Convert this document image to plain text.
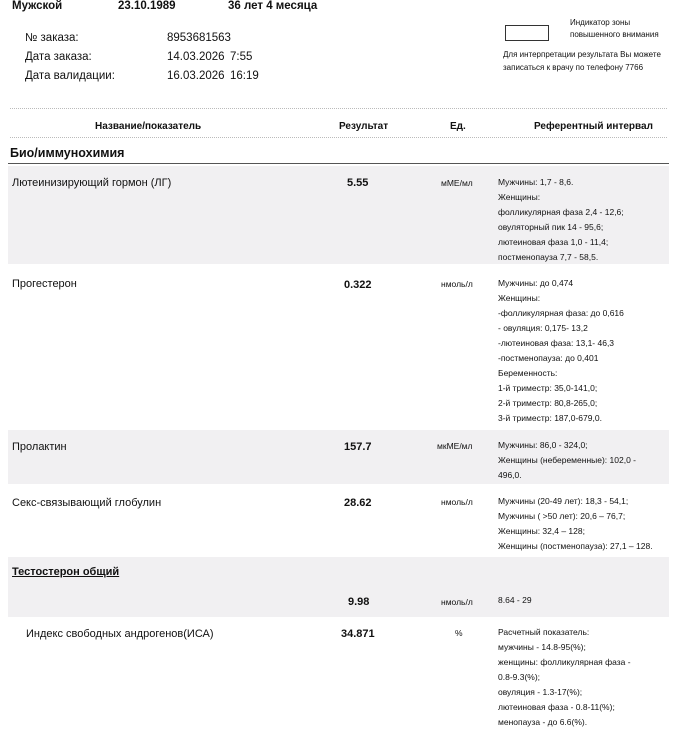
Мужской	23.10.1989	36 лет 4 месяца
№ заказа:	8953681563
Дата заказа:	14.03.2026 7:55
Дата валидации:	16.03.2026 16:19
Индикатор зоны
повышенного внимания
Для интерпретации результата Вы можете
записаться к врачу по телефону 7766
Название/показатель	Результат	Ед.	Референтный интервал
Био/иммунохимия
Лютеинизирующий гормон (ЛГ)	5.55	мМЕ/мл	Мужчины: 1,7 - 8,6.
Женщины:
фолликулярная фаза 2,4 - 12,6;
овуляторный пик 14 - 95,6;
лютеиновая фаза 1,0 - 11,4;
постменопауза 7,7 - 58,5.
Прогестерон	0.322	нмоль/л	Мужчины: до 0,474
Женщины:
-фолликулярная фаза: до 0,616
- овуляция: 0,175- 13,2
-лютеиновая фаза: 13,1- 46,3
-постменопауза: до 0,401
Беременность:
1-й триместр: 35,0-141,0;
2-й триместр: 80,8-265,0;
3-й триместр: 187,0-679,0.
Пролактин	157.7	мкМЕ/мл	Мужчины: 86,0 - 324,0;
Женщины (небеременные): 102,0 -
496,0.
Секс-связывающий глобулин	28.62	нмоль/л	Мужчины (20-49 лет): 18,3 - 54,1;
Мужчины ( >50 лет): 20,6 – 76,7;
Женщины: 32,4 – 128;
Женщины (постменопауза): 27,1 – 128.
Тестостерон общий
9.98	нмоль/л	8.64 - 29
Индекс свободных андрогенов(ИСА)	34.871	%	Расчетный показатель:
мужчины - 14.8-95(%);
женщины: фолликулярная фаза -
0.8-9.3(%);
овуляция - 1.3-17(%);
лютеиновая фаза - 0.8-11(%);
менопауза - до 6.6(%).
